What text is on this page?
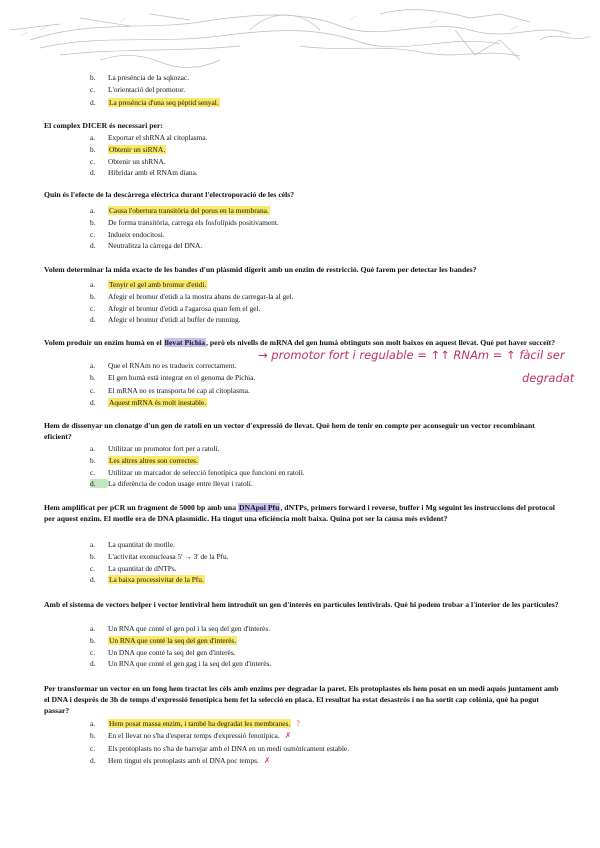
b. La presència de la sqkozac.
c. L'orientació del promotor.
d. La presència d'una seq pèptid senyal.
El complex DICER és necessari per:
a. Exportar el shRNA al citoplasma.
b. Obtenir un siRNA.
c. Obtenir un shRNA.
d. Hibridar amb el RNAm diana.
Quin és l'efecte de la descàrrega elèctrica durant l'electroporació de les cèls?
a. Causa l'obertura transitòria del porus en la membrana.
b. De forma transitòria, carrega els fosfolípids positivament.
c. Indueix endocitosi.
d. Neutralitza la càrrega del DNA.
Volem determinar la mida exacte de les bandes d'un plàsmid digerit amb un enzim de restricció. Què farem per detectar les bandes?
a. Tenyir el gel amb bromur d'etidi.
b. Afegir el bromur d'etidi a la mostra abans de carregar-la al gel.
c. Afegir el bromur d'etidi a l'agarosa quan fem el gel.
d. Afegir el bromur d'etidi al buffer de running.
Volem produir un enzim humà en el llevat Pichia, però els nivells de mRNA del gen humà obtinguts son molt baixos en aquest llevat. Què pot haver succeït?
→ promotor fort i regulable = ↑↑ RNAm = ↑ fàcil ser
degradat
a. Que el RNAm no es tradueix correctament.
b. El gen humà està integrat en el genoma de Pichia.
c. El mRNA no es transporta bé cap al citoplasma.
d. Aquest mRNA és molt inestable.
Hem de dissenyar un clonatge d'un gen de ratolí en un vector d'expressió de llevat. Què hem de tenir en compte per aconseguir un vector recombinant eficient?
a. Utilitzar un promotor fort per a ratolí.
b. Les altres altres son correctes.
c. Utilitzar un marcador de selecció fenotípica que funcioni en ratolí.
d. La diferència de codon usage entre llevat i ratolí.
Hem amplificat per pCR un fragment de 5000 bp amb una DNApol Pfu, dNTPs, primers forward i reverse, buffer i Mg seguint les instruccions del protocol per aquest enzim. El motlle era de DNA plasmídic. Ha tingut una eficiència molt baixa. Quina pot ser la causa més evident?
a. La quantitat de motlle.
b. L'activitat exonucleasa 5' → 3' de la Pfu.
c. La quantitat de dNTPs.
d. La baixa processivitat de la Pfu.
Amb el sistema de vectors helper i vector lentiviral hem introduït un gen d'interès en partícules lentivirals. Què hi podem trobar a l'interior de les partícules?
a. Un RNA que conté el gen pol i la seq del gen d'interès.
b. Un RNA que conté la seq del gen d'interès.
c. Un DNA que conté la seq del gen d'interès.
d. Un RNA que conté el gen gag i la seq del gen d'interès.
Per transformar un vector en un fong hem tractat les cèls amb enzims per degradar la paret. Els protoplastes els hem posat en un medi aquós juntament amb el DNA i després de 3h de temps d'expressió fenotípica hem fet la selecció en placa. El resultat ha estat desastrós i no ha sortit cap colònia, què ha pogut passar?
a. Hem posat massa enzim, i també ha degradat les membranes. ?
b. En el llevat no s'ha d'esperar temps d'expressió fenotípica. ✗
c. Els protoplasts no s'ha de barrejar amb el DNA en un medi osmòticament estable.
d. Hem tingut els protoplasts amb el DNA poc temps. ✗
